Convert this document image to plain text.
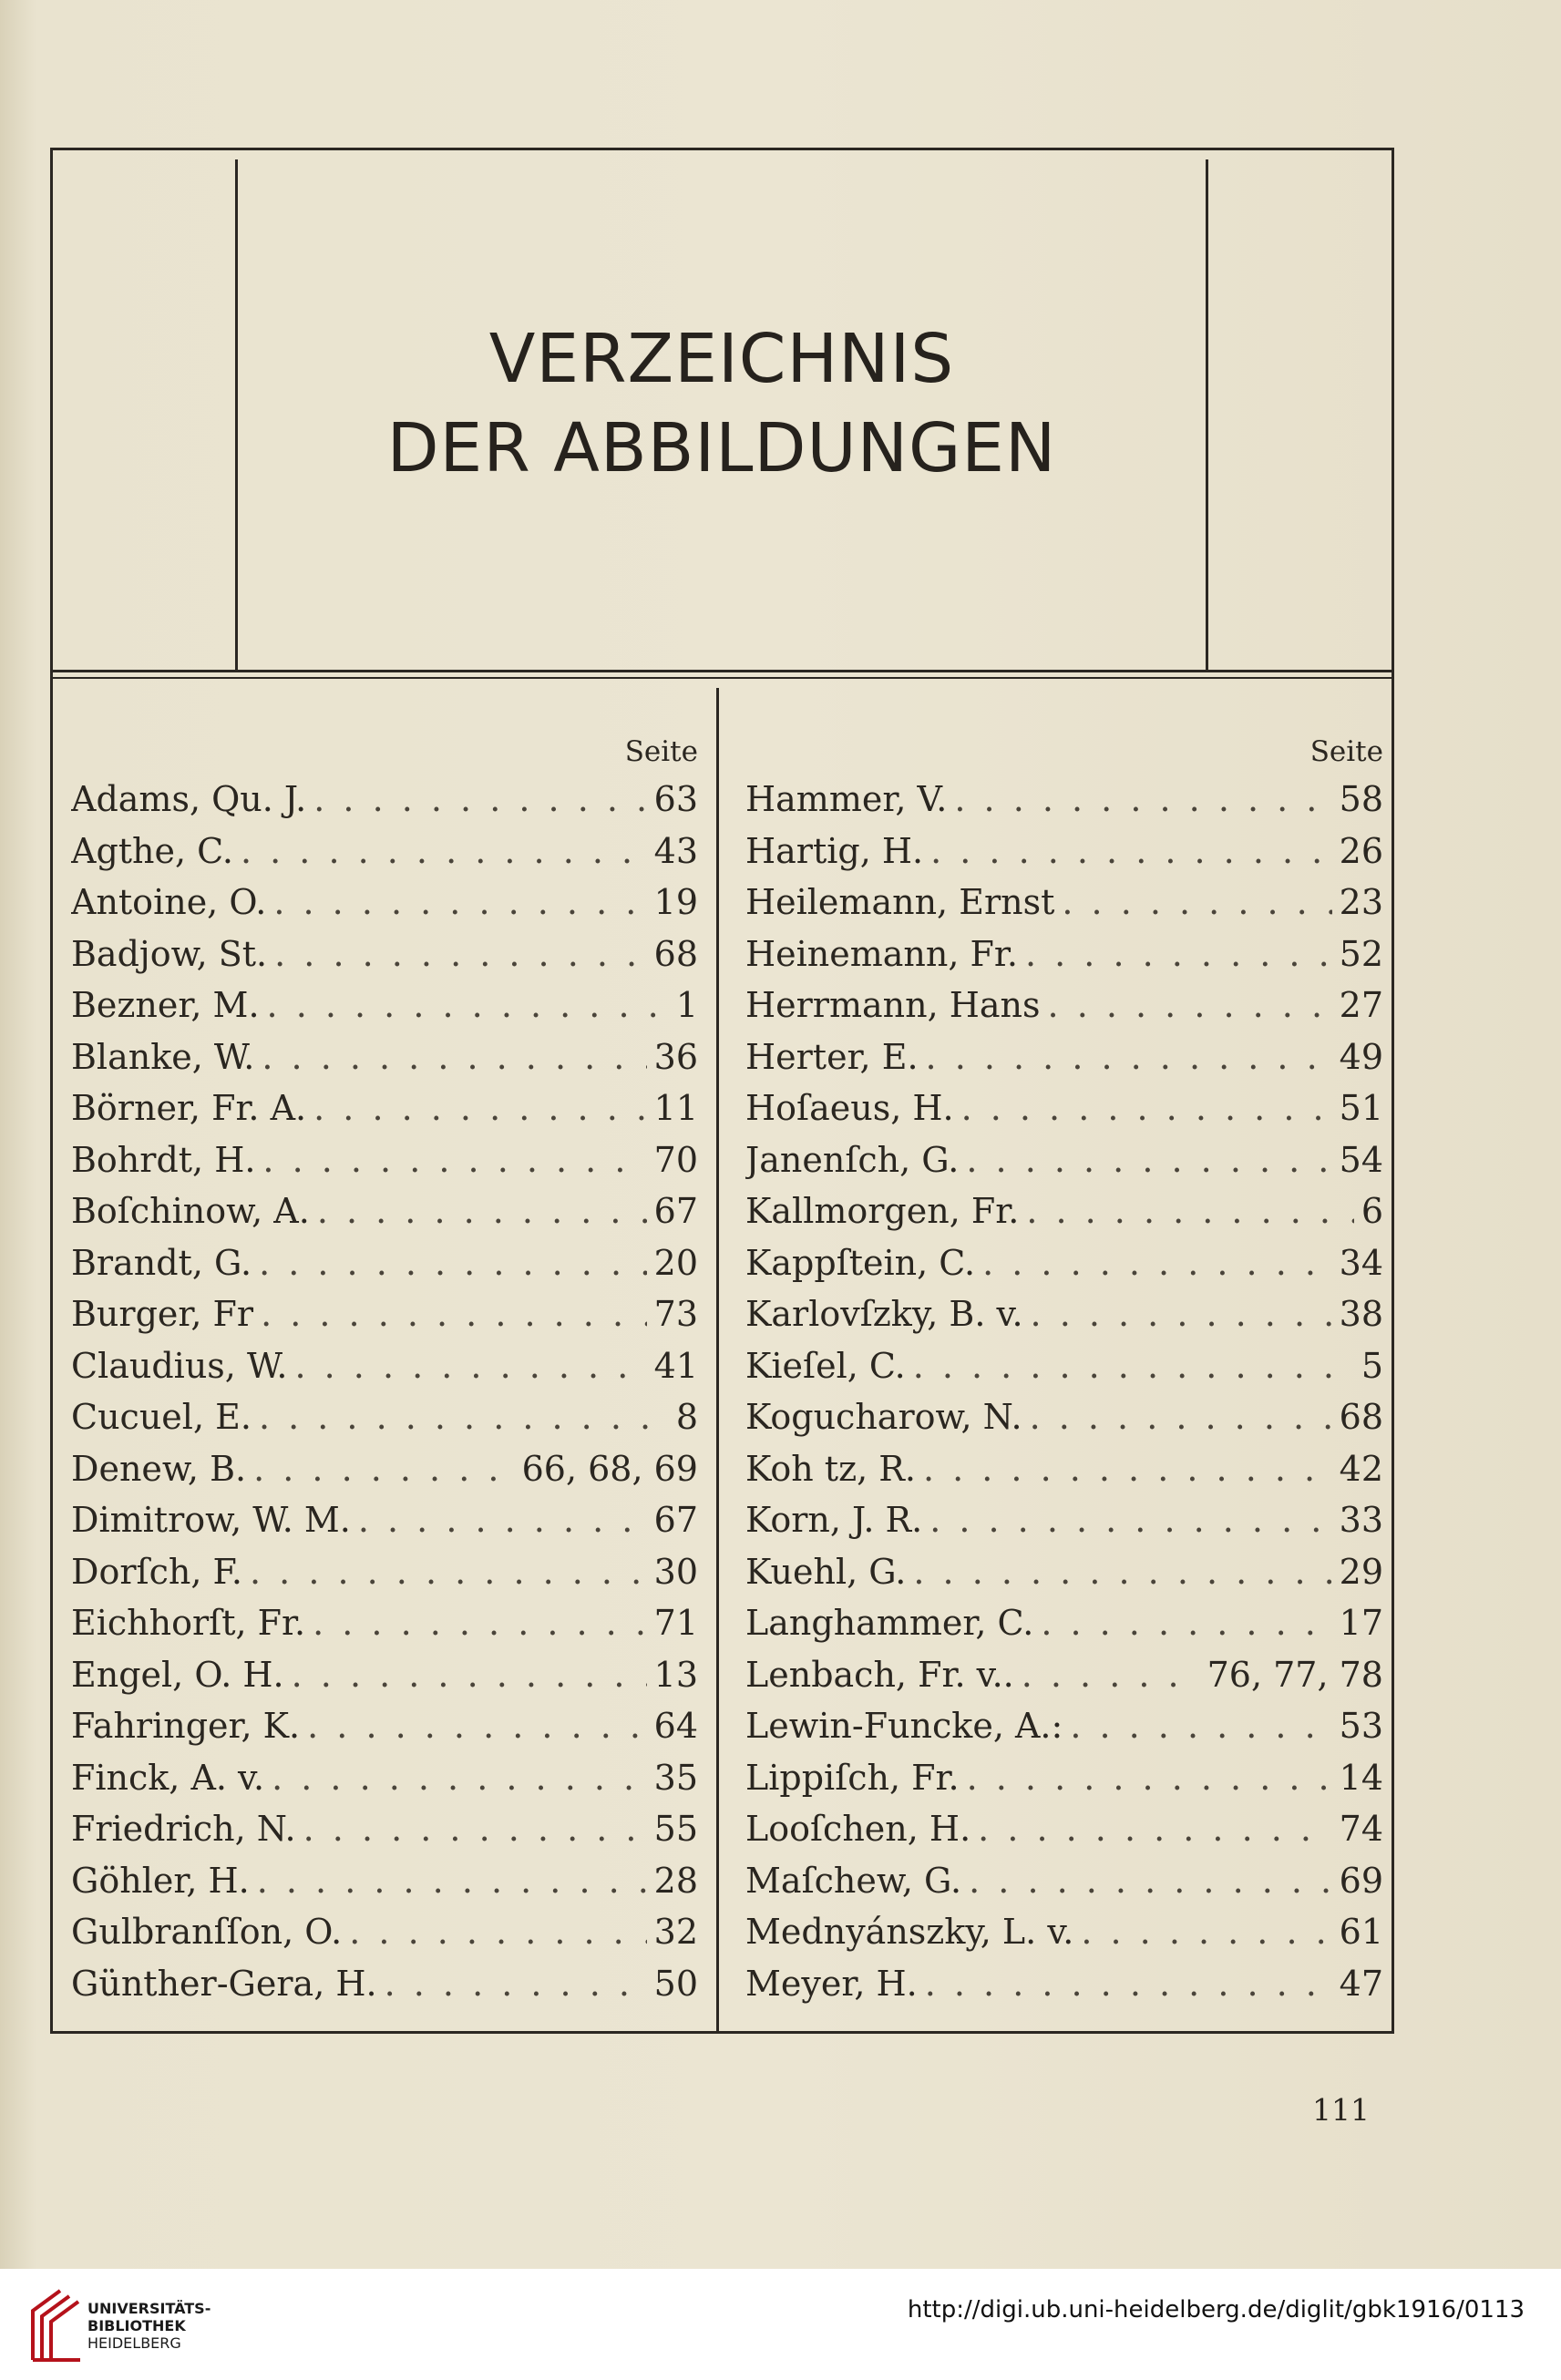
VERZEICHNIS
DER ABBILDUNGEN
Seite
Adams, Qu. J. . . .	63
Agthe, C. . . .	43
Antoine, O. . . .	19
Badjow, St. . . .	68
Bezner, M. . . .	1
Blanke, W. . . .	36
Börner, Fr. A. . . .	11
Bohrdt, H. . . .	70
Boſchinow, A. . . .	67
Brandt, G. . . .	20
Burger, Fr . . .	73
Claudius, W. . . .	41
Cucuel, E. . . .	8
Denew, B. . . .	66, 68, 69
Dimitrow, W. M. . . .	67
Dorſch, F. . . .	30
Eichhorſt, Fr. . . .	71
Engel, O. H. . . .	13
Fahringer, K. . . .	64
Finck, A. v. . . .	35
Friedrich, N. . . .	55
Göhler, H. . . .	28
Gulbranſſon, O. . . .	32
Günther-Gera, H. . . .	50
Seite
Hammer, V. . . .	58
Hartig, H. . . .	26
Heilemann, Ernst . . .	23
Heinemann, Fr. . . .	52
Herrmann, Hans . . .	27
Herter, E. . . .	49
Hoſaeus, H. . . .	51
Janenſch, G. . . .	54
Kallmorgen, Fr. . . .	6
Kappſtein, C. . . .	34
Karlovſzky, B. v. . . .	38
Kieſel, C. . . .	5
Kogucharow, N. . . .	68
Koh tz, R. . . .	42
Korn, J. R. . . .	33
Kuehl, G. . . .	29
Langhammer, C. . . .	17
Lenbach, Fr. v.. . . .	76, 77, 78
Lewin-Funcke, A.: . . .	53
Lippiſch, Fr. . . .	14
Looſchen, H. . . .	74
Maſchew, G. . . .	69
Mednyánszky, L. v. . . .	61
Meyer, H. . . .	47
111
UNIVERSITÄTS-
BIBLIOTHEK
HEIDELBERG
http://digi.ub.uni-heidelberg.de/diglit/gbk1916/0113
